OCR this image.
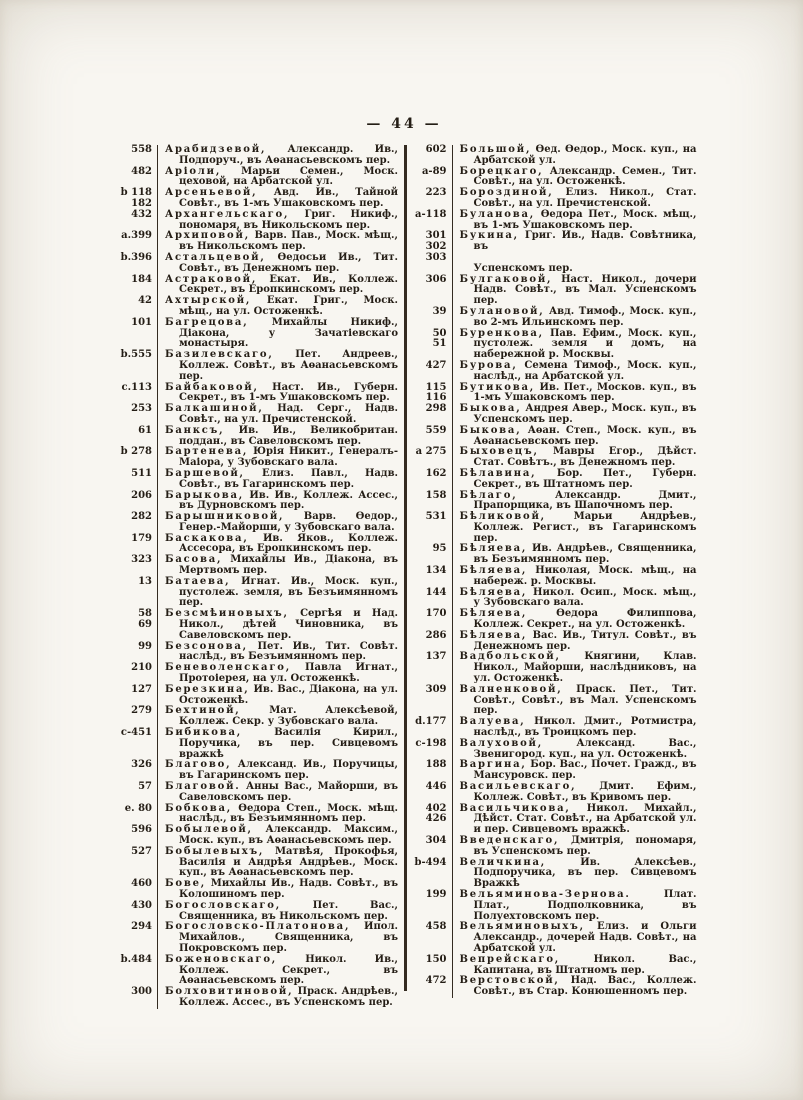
— 44 —
558 Арабидзевой, Александр. Ив., Подпоруч., въ Аѳанасьевскомъ пер.

482 Аріоли, Марьи Семен., Моск. цеховой, на Арбатской ул.

b 118
182

Арсеньевой, Авд. Ив., Тайной Совѣт., въ 1-мъ Ушаковскомъ пер.

432 Архангельскаго, Григ. Никиф., пономаря, въ Никольскомъ пер.

a.399 Архиповой, Варв. Пав., Моск. мѣщ., въ Никольскомъ пер.

b.396 Астальцевой, Ѳедосьи Ив., Тит. Совѣт., въ Денежномъ пер.

184 Астраковой, Екат. Ив., Коллеж. Секрет., въ Еропкинскомъ пер.

42 Ахтырской, Екат. Григ., Моск. мѣщ., на ул. Остоженкѣ.

101 Багрецова, Михайлы Никиф., Діакона, у Зачатіевскаго монастыря.

b.555 Базилевскаго, Пет. Андреев., Коллеж. Совѣт., въ Аѳанасьевскомъ пер.

c.113 Байбаковой, Наст. Ив., Губерн. Секрет., въ 1-мъ Ушаковскомъ пер.

253 Балкашиной, Над. Серг., Надв. Совѣт., на ул. Пречистенской.

61 Банксъ, Ив. Ив., Великобритан. поддан., въ Савеловскомъ пер.

b 278 Бартенева, Юрія Никит., Генералъ-Маіора, у Зубовскаго вала.

511 Баршевой, Елиз. Павл., Надв. Совѣт., въ Гагаринскомъ пер.

206 Барыкова, Ив. Ив., Коллеж. Ассес., въ Дурновскомъ пер.

282 Барышниковой, Варв. Ѳедор., Генер.-Майорши, у Зубовскаго вала.

179 Баскакова, Ив. Яков., Коллеж. Ассесора, въ Еропкинскомъ пер.

323 Басова, Михайлы Ив., Діакона, въ Мертвомъ пер.

13 Батаева, Игнат. Ив., Моск. куп., пустолеж. земля, въ Безъимянномъ пер.

58
69

Безсмѣиновыхъ, Сергѣя и Над. Никол., дѣтей Чиновника, въ Савеловскомъ пер.

99 Безсонова, Пет. Ив., Тит. Совѣт. наслѣд., въ Безъимянномъ пер.

210 Беневоленскаго, Павла Игнат., Протоіерея, на ул. Остоженкѣ.

127 Березкина, Ив. Вас., Діакона, на ул. Остоженкѣ.

279 Бехтиной, Мат. Алексѣевой, Коллеж. Секр. у Зубовскаго вала.

c-451 Бибикова, Василія Кирил., Поручика, въ пер. Сивцевомъ вражкѣ

326 Благово, Александ. Ив., Поручицы, въ Гагаринскомъ пер.

57 Благовой. Анны Вас., Майорши, въ Савеловскомъ пер.

e. 80 Бобкова, Ѳедора Степ., Моск. мѣщ. наслѣд., въ Безъимянномъ пер.

596 Бобылевой, Александр. Максим., Моск. куп., въ Аѳанасьевскомъ пер.

527 Бобылевыхъ, Матвѣя, Прокофья, Василія и Андрѣя Андрѣев., Моск. куп., въ Аѳанасьевскомъ пер.

460 Бове, Михайлы Ив., Надв. Совѣт., въ Колошиномъ пер.

430 Богословскаго, Пет. Вас., Священника, въ Никольскомъ пер.

294 Богословско-Платонова, Ипол. Михайлов., Священника, въ Покровскомъ пер.

b.484 Боженовскаго, Никол. Ив., Коллеж. Секрет., въ Аѳанасьевскомъ пер.

300 Болховитиновой, Праск. Андрѣев., Коллеж. Ассес., въ Успенскомъ пер.

602 Большой, Ѳед. Ѳедор., Моск. куп., на Арбатской ул.

a-89 Борецкаго, Александр. Семен., Тит. Совѣт., на ул. Остоженкѣ.

223 Бороздиной, Елиз. Никол., Стат. Совѣт., на ул. Пречистенской.

a-118 Буланова, Ѳедора Пет., Моск. мѣщ., въ 1-мъ Ушаковскомъ пер.

301
302
303

Букина, Григ. Ив., Надв. Совѣтника, въ

Успенскомъ пер.

306 Булгаковой, Наст. Никол., дочери Надв. Совѣт., въ Мал. Успенскомъ пер.

39 Булановой, Авд. Тимоф., Моск. куп., во 2-мъ Ильинскомъ пер.

50
51

Буренкова, Пав. Ефим., Моск. куп., пустолеж. земля и домъ, на набережной р. Москвы.

427 Бурова, Семена Тимоф., Моск. куп., наслѣд., на Арбатской ул.

115
116

Бутикова, Ив. Пет., Москов. куп., въ 1-мъ Ушаковскомъ пер.

298 Быкова, Андрея Авер., Моск. куп., въ Успенскомъ пер.

559 Быкова, Аѳан. Степ., Моск. куп., въ Аѳанасьевскомъ пер.

a 275 Быховецъ, Мавры Егор., Дѣйст. Стат. Совѣтъ., въ Денежномъ пер.

162 Бѣлавина, Бор. Пет., Губерн. Секрет., въ Штатномъ пер.

158 Бѣлаго, Александр. Дмит., Прапорщика, въ Шапочномъ пер.

531 Бѣликовой, Марьи Андрѣев., Коллеж. Регист., въ Гагаринскомъ пер.

95 Бѣляева, Ив. Андрѣев., Священника, въ Безъимянномъ пер.

134 Бѣляева, Николая, Моск. мѣщ., на набереж. р. Москвы.

144 Бѣляева, Никол. Осип., Моск. мѣщ., у Зубовскаго вала.

170 Бѣляева, Ѳедора Филиппова, Коллеж. Секрет., на ул. Остоженкѣ.

286 Бѣляева, Вас. Ив., Титул. Совѣт., въ Денежномъ пер.

137 Вадбольской, Княгини, Клав. Никол., Майорши, наслѣдниковъ, на ул. Остоженкѣ.

309 Валненковой, Праск. Пет., Тит. Совѣт., Совѣт., въ Мал. Успенскомъ пер.

d.177 Валуева, Никол. Дмит., Ротмистра, наслѣд., въ Троицкомъ пер.

c-198 Валуховой, Александ. Вас., Звенигород. куп., на ул. Остоженкѣ.

188 Варгина, Бор. Вас., Почет. Гражд., въ Мансуровск. пер.

446 Васильевскаго, Дмит. Ефим., Коллеж. Совѣт., въ Кривомъ пер.

402
426

Васильчикова, Никол. Михайл., Дѣйст. Стат. Совѣт., на Арбатской ул. и пер. Сивцевомъ вражкѣ.

304 Введенскаго, Дмитрія, пономаря, въ Успенскомъ пер.

b-494 Величкина, Ив. Алексѣев., Подпоручика, въ пер. Сивцевомъ Вражкѣ

199 Вельяминова-Зернова. Плат. Плат., Подполковника, въ Полуехтовскомъ пер.

458 Вельяминовыхъ, Елиз. и Ольги Александр., дочерей Надв. Совѣт., на Арбатской ул.

150 Вепрейскаго, Никол. Вас., Капитана, въ Штатномъ пер.

472 Верстовской, Над. Вас., Коллеж. Совѣт., въ Стар. Конюшенномъ пер.
